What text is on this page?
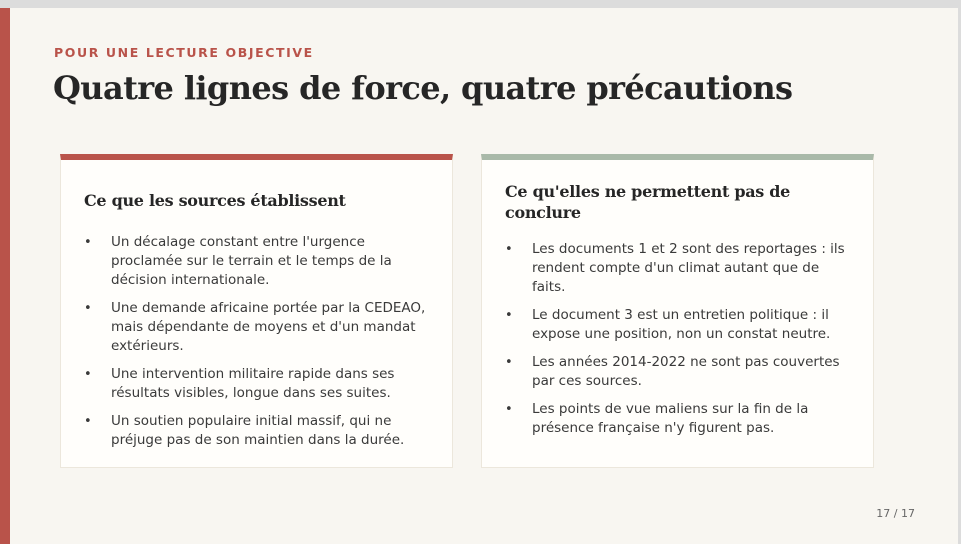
POUR UNE LECTURE OBJECTIVE
Quatre lignes de force, quatre précautions
Ce que les sources établissent
• Un décalage constant entre l'urgence proclamée sur le terrain et le temps de la décision internationale.
• Une demande africaine portée par la CEDEAO, mais dépendante de moyens et d'un mandat extérieurs.
• Une intervention militaire rapide dans ses résultats visibles, longue dans ses suites.
• Un soutien populaire initial massif, qui ne préjuge pas de son maintien dans la durée.
Ce qu'elles ne permettent pas de conclure
• Les documents 1 et 2 sont des reportages : ils rendent compte d'un climat autant que de faits.
• Le document 3 est un entretien politique : il expose une position, non un constat neutre.
• Les années 2014-2022 ne sont pas couvertes par ces sources.
• Les points de vue maliens sur la fin de la présence française n'y figurent pas.
17 / 17
